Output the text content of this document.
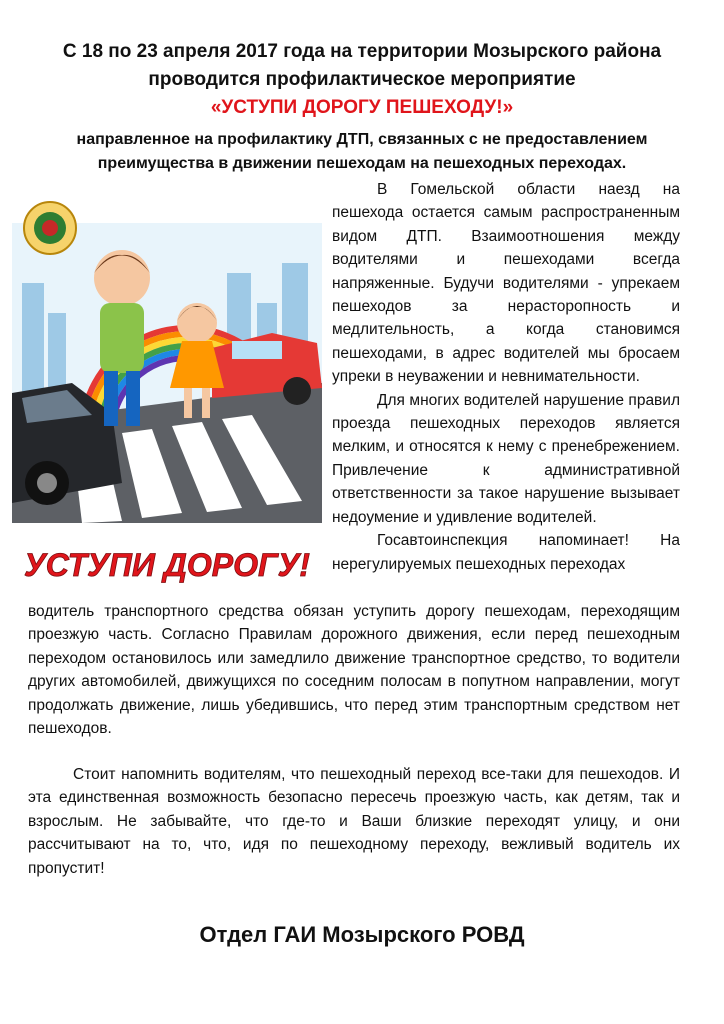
С 18 по 23 апреля 2017 года на территории Мозырского района
проводится профилактическое мероприятие
«УСТУПИ ДОРОГУ ПЕШЕХОДУ!»
направленное на профилактику ДТП, связанных с не предоставлением
преимущества в движении пешеходам на пешеходных переходах.
УСТУПИ ДОРОГУ!

В Гомельской области наезд на пешехода остается самым распространенным видом ДТП. Взаимоотношения между водителями и пешеходами всегда напряженные. Будучи водителями - упрекаем пешеходов за нерасторопность и медлительность, а когда становимся пешеходами, в адрес водителей мы бросаем упреки в неуважении и невнимательности.

Для многих водителей нарушение правил проезда пешеходных переходов является мелким, и относятся к нему с пренебрежением. Привлечение к административной ответственности за такое нарушение вызывает недоумение и удивление водителей.

Госавтоинспекция напоминает! На нерегулируемых пешеходных переходах

водитель транспортного средства обязан уступить дорогу пешеходам, переходящим проезжую часть. Согласно Правилам дорожного движения, если перед пешеходным переходом остановилось или замедлило движение транспортное средство, то водители других автомобилей, движущихся по соседним полосам в попутном направлении, могут продолжать движение, лишь убедившись, что перед этим транспортным средством нет пешеходов.
Стоит напомнить водителям, что пешеходный переход все-таки для пешеходов. И эта единственная возможность безопасно пересечь проезжую часть, как детям, так и взрослым. Не забывайте, что где-то и Ваши близкие переходят улицу, и они рассчитывают на то, что, идя по пешеходному переходу, вежливый водитель их пропустит!
Отдел ГАИ Мозырского РОВД
